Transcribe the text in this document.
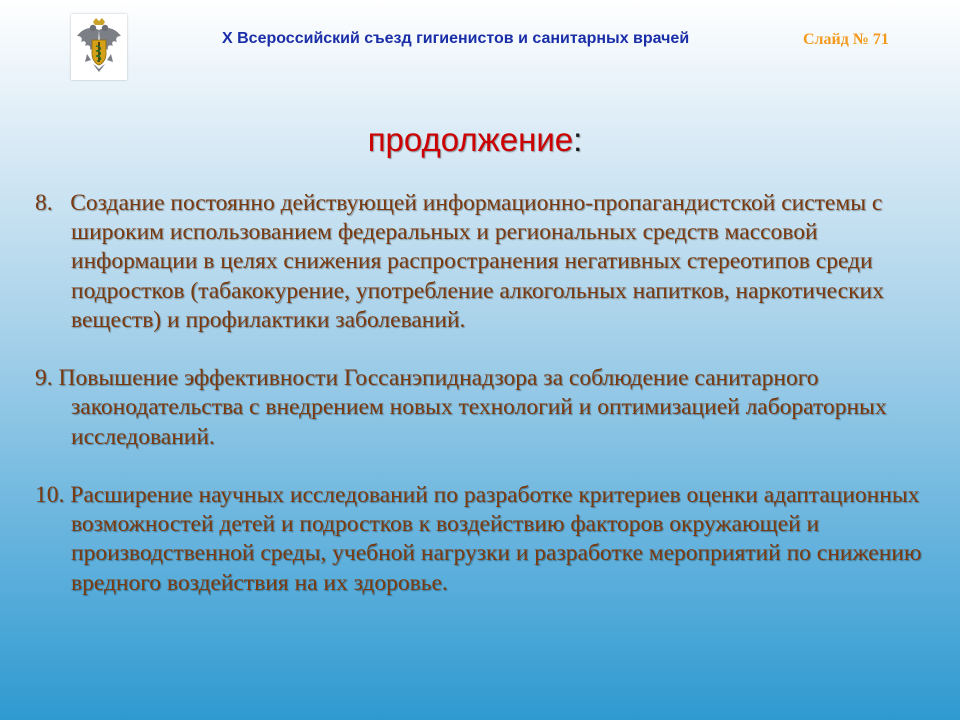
X Всероссийский съезд гигиенистов и санитарных врачей	Слайд № 71
продолжение:
8. Создание постоянно действующей информационно-пропагандистской системы с широким использованием федеральных и региональных средств массовой информации в целях снижения распространения негативных стереотипов среди подростков (табакокурение, употребление алкогольных напитков, наркотических веществ) и профилактики заболеваний.
9. Повышение эффективности Госсанэпиднадзора за соблюдение санитарного законодательства с внедрением новых технологий и оптимизацией лабораторных исследований.
10. Расширение научных исследований по разработке критериев оценки адаптационных возможностей детей и подростков к воздействию факторов окружающей и производственной среды, учебной нагрузки и разработке мероприятий по снижению вредного воздействия на их здоровье.
